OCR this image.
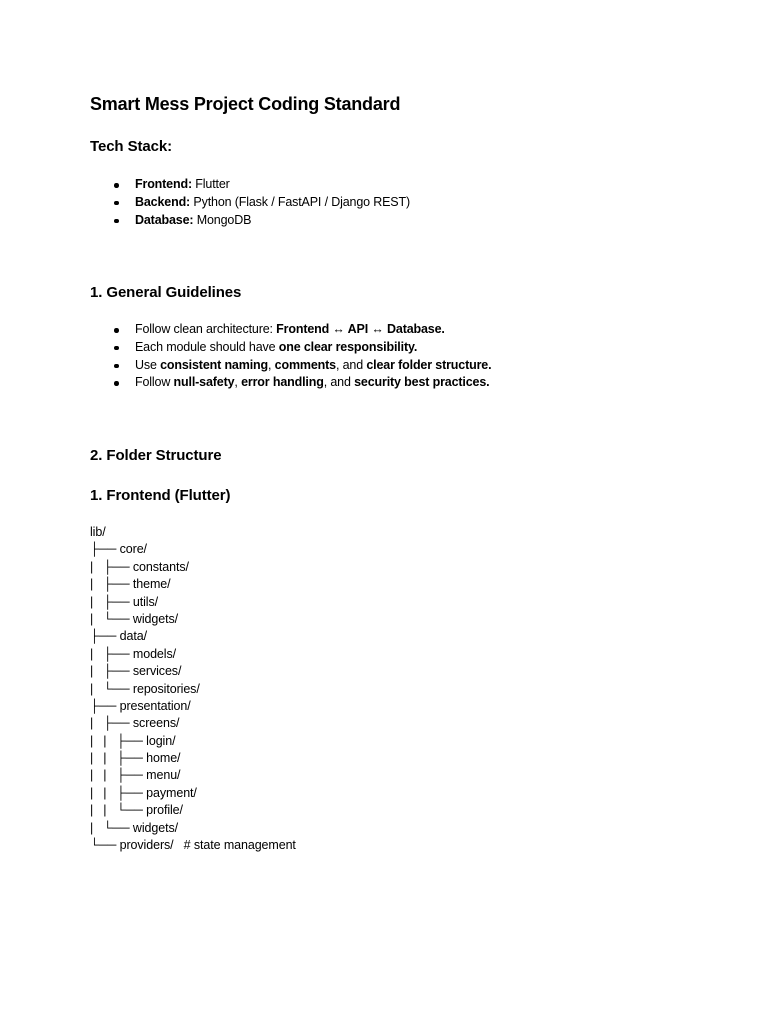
Smart Mess Project Coding Standard
Tech Stack:
Frontend: Flutter
Backend: Python (Flask / FastAPI / Django REST)
Database: MongoDB
1. General Guidelines
Follow clean architecture: Frontend ↔ API ↔ Database.
Each module should have one clear responsibility.
Use consistent naming, comments, and clear folder structure.
Follow null-safety, error handling, and security best practices.
2. Folder Structure
1. Frontend (Flutter)
lib/
├── core/
|   ├── constants/
|   ├── theme/
|   ├── utils/
|   └── widgets/
├── data/
|   ├── models/
|   ├── services/
|   └── repositories/
├── presentation/
|   ├── screens/
|   |   ├── login/
|   |   ├── home/
|   |   ├── menu/
|   |   ├── payment/
|   |   └── profile/
|   └── widgets/
└── providers/   # state management
